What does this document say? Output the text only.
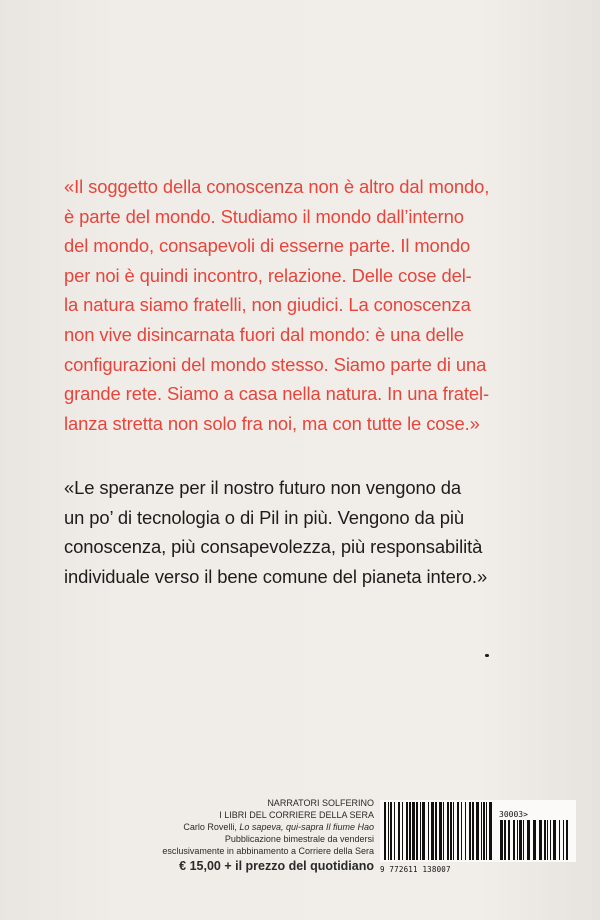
«Il soggetto della conoscenza non è altro dal mondo,
è parte del mondo. Studiamo il mondo dall’interno
del mondo, consapevoli di esserne parte. Il mondo
per noi è quindi incontro, relazione. Delle cose del-
la natura siamo fratelli, non giudici. La conoscenza
non vive disincarnata fuori dal mondo: è una delle
configurazioni del mondo stesso. Siamo parte di una
grande rete. Siamo a casa nella natura. In una fratel-
lanza stretta non solo fra noi, ma con tutte le cose.»

«Le speranze per il nostro futuro non vengono da
un po’ di tecnologia o di Pil in più. Vengono da più
conoscenza, più consapevolezza, più responsabilità
individuale verso il bene comune del pianeta intero.»

NARRATORI SOLFERINO
I LIBRI DEL CORRIERE DELLA SERA
Carlo Rovelli, Lo sapeva, qui-sapra Il fiume Hao
Pubblicazione bimestrale da vendersi
esclusivamente in abbinamento a Corriere della Sera
€ 15,00 + il prezzo del quotidiano
30003>
9 772611 138007
